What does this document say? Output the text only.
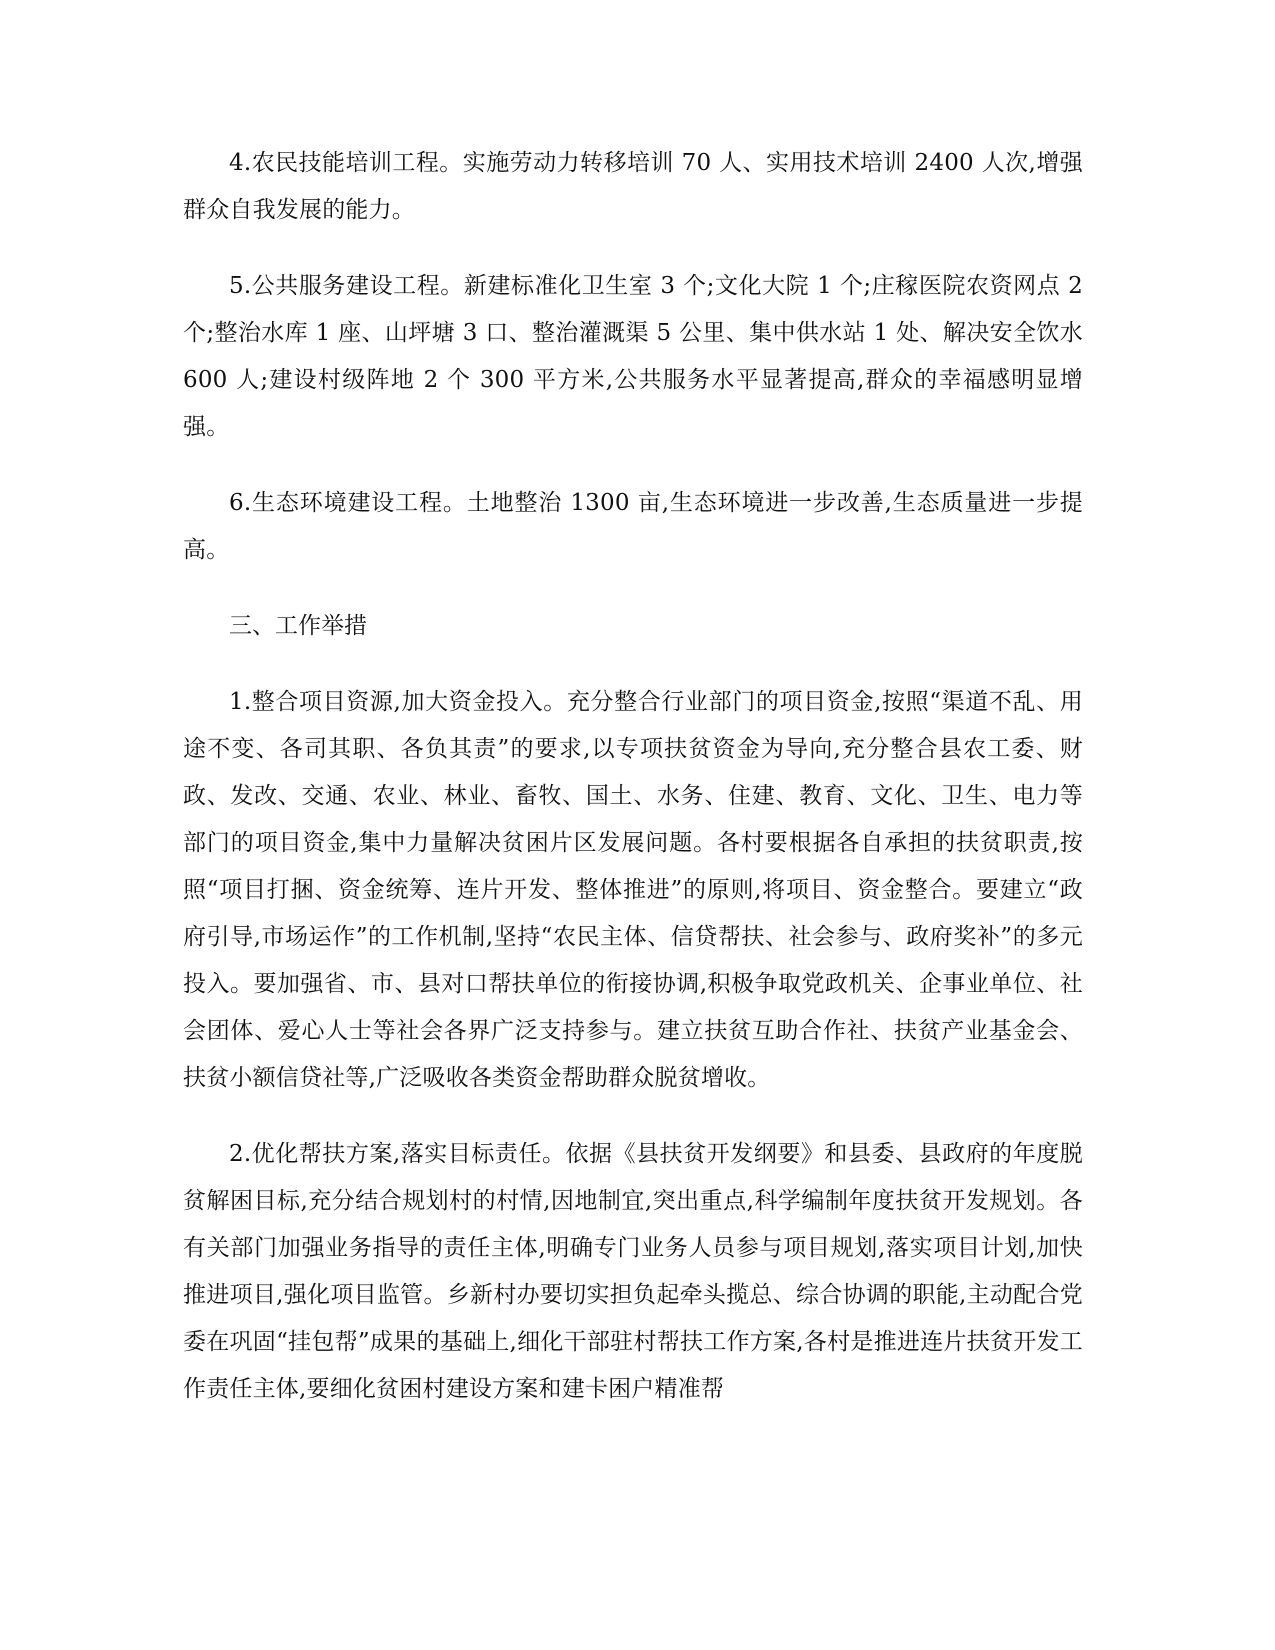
4.农民技能培训工程。实施劳动力转移培训 70 人、实用技术培训 2400 人次,增强群众自我发展的能力。

5.公共服务建设工程。新建标准化卫生室 3 个;文化大院 1 个;庄稼医院农资网点 2 个;整治水库 1 座、山坪塘 3 口、整治灌溉渠 5 公里、集中供水站 1 处、解决安全饮水 600 人;建设村级阵地 2 个 300 平方米,公共服务水平显著提高,群众的幸福感明显增强。

6.生态环境建设工程。土地整治 1300 亩,生态环境进一步改善,生态质量进一步提高。

三、工作举措

1.整合项目资源,加大资金投入。充分整合行业部门的项目资金,按照“渠道不乱、用途不变、各司其职、各负其责”的要求,以专项扶贫资金为导向,充分整合县农工委、财政、发改、交通、农业、林业、畜牧、国土、水务、住建、教育、文化、卫生、电力等部门的项目资金,集中力量解决贫困片区发展问题。各村要根据各自承担的扶贫职责,按照“项目打捆、资金统筹、连片开发、整体推进”的原则,将项目、资金整合。要建立“政府引导,市场运作”的工作机制,坚持“农民主体、信贷帮扶、社会参与、政府奖补”的多元投入。要加强省、市、县对口帮扶单位的衔接协调,积极争取党政机关、企事业单位、社会团体、爱心人士等社会各界广泛支持参与。建立扶贫互助合作社、扶贫产业基金会、扶贫小额信贷社等,广泛吸收各类资金帮助群众脱贫增收。

2.优化帮扶方案,落实目标责任。依据《县扶贫开发纲要》和县委、县政府的年度脱贫解困目标,充分结合规划村的村情,因地制宜,突出重点,科学编制年度扶贫开发规划。各有关部门加强业务指导的责任主体,明确专门业务人员参与项目规划,落实项目计划,加快推进项目,强化项目监管。乡新村办要切实担负起牵头揽总、综合协调的职能,主动配合党委在巩固“挂包帮”成果的基础上,细化干部驻村帮扶工作方案,各村是推进连片扶贫开发工作责任主体,要细化贫困村建设方案和建卡困户精准帮
